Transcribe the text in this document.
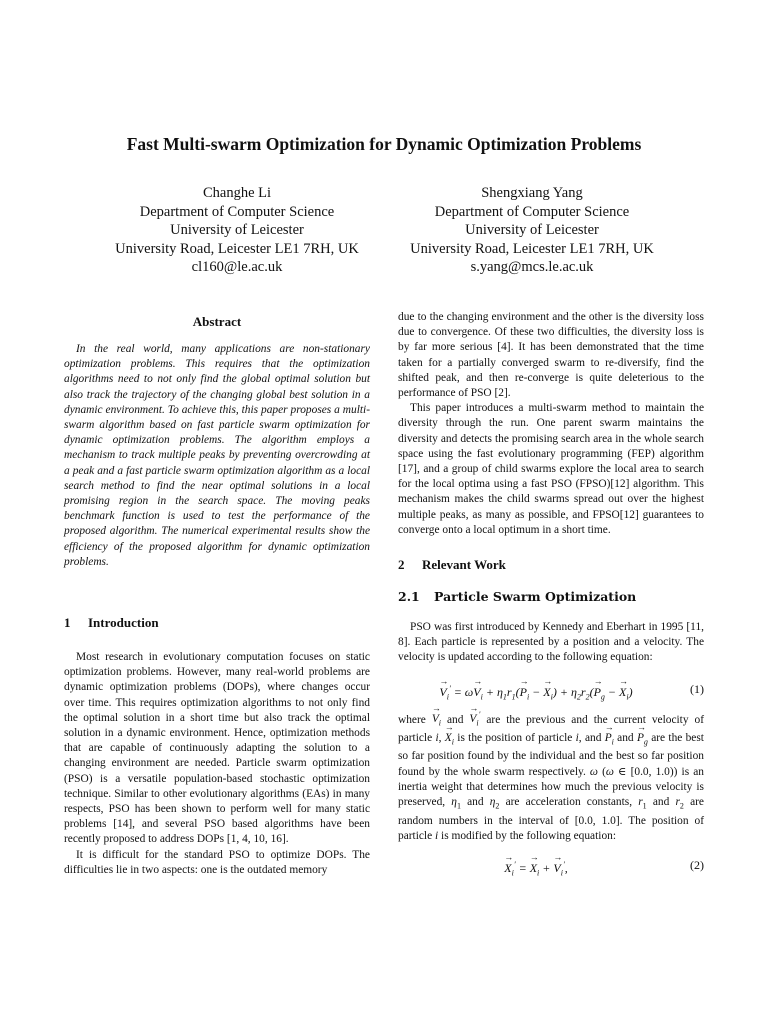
Fast Multi-swarm Optimization for Dynamic Optimization Problems
Changhe Li
Department of Computer Science
University of Leicester
University Road, Leicester LE1 7RH, UK
cl160@le.ac.uk
Shengxiang Yang
Department of Computer Science
University of Leicester
University Road, Leicester LE1 7RH, UK
s.yang@mcs.le.ac.uk
Abstract

In the real world, many applications are non-stationary optimization problems. This requires that the optimization algorithms need to not only find the global optimal solution but also track the trajectory of the changing global best solution in a dynamic environment. To achieve this, this paper proposes a multi-swarm algorithm based on fast particle swarm optimization for dynamic optimization problems. The algorithm employs a mechanism to track multiple peaks by preventing overcrowding at a peak and a fast particle swarm optimization algorithm as a local search method to find the near optimal solutions in a local promising region in the search space. The moving peaks benchmark function is used to test the performance of the proposed algorithm. The numerical experimental results show the efficiency of the proposed algorithm for dynamic optimization problems.

1 Introduction

Most research in evolutionary computation focuses on static optimization problems. However, many real-world problems are dynamic optimization problems (DOPs), where changes occur over time. This requires optimization algorithms to not only find the optimal solution in a short time but also track the optimal solution in a dynamic environment. Hence, optimization methods that are capable of continuously adapting the solution to a changing environment are needed. Particle swarm optimization (PSO) is a versatile population-based stochastic optimization technique. Similar to other evolutionary algorithms (EAs) in many respects, PSO has been shown to perform well for many static problems [14], and several PSO based algorithms have been recently proposed to address DOPs [1, 4, 10, 16].

It is difficult for the standard PSO to optimize DOPs. The difficulties lie in two aspects: one is the outdated memory

due to the changing environment and the other is the diversity loss due to convergence. Of these two difficulties, the diversity loss is by far more serious [4]. It has been demonstrated that the time taken for a partially converged swarm to re-diversify, find the shifted peak, and then re-converge is quite deleterious to the performance of PSO [2].

This paper introduces a multi-swarm method to maintain the diversity through the run. One parent swarm maintains the diversity and detects the promising search area in the whole search space using the fast evolutionary programming (FEP) algorithm [17], and a group of child swarms explore the local area to search for the local optima using a fast PSO (FPSO)[12] algorithm. This mechanism makes the child swarms spread out over the highest multiple peaks, as many as possible, and FPSO[12] guarantees to converge onto a local optimum in a short time.

2 Relevant Work
2.1 Particle Swarm Optimization

PSO was first introduced by Kennedy and Eberhart in 1995 [11, 8]. Each particle is represented by a position and a velocity. The velocity is updated according to the following equation:

→ $V_i' = \omega\to V_i + \eta_1r_1(\to P_i$ − → $X_i) + \eta_2r_2(\to P_g$ − → $X_i$)	(1)

where → $V_i$ and → $V_i'$ are the previous and the current velocity of particle i, → $X_i$ is the position of particle i, and → $P_i$ and → $P_g$ are the best so far position found by the individual and the best so far position found by the whole swarm respectively. ω (ω ∈ [0.0, 1.0)) is an inertia weight that determines how much the previous velocity is preserved, $\eta_1$ and $\eta_2$ are acceleration constants, $r_1$ and $r_2$ are random numbers in the interval of [0.0, 1.0]. The position of particle i is modified by the following equation:

→ $X_i'$ = → $X_i$ + → $V_i'$,	(2)
